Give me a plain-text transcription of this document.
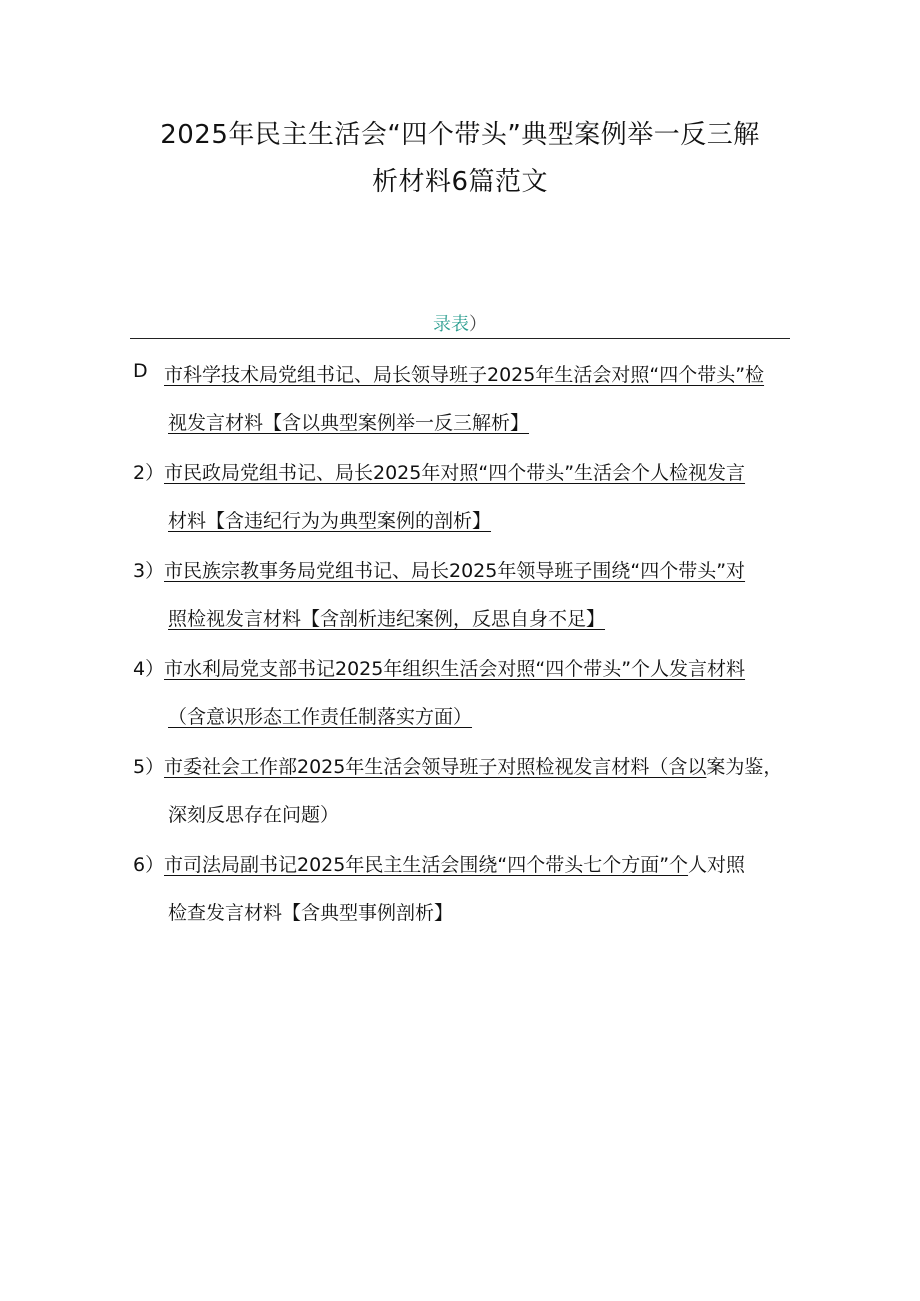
2025年民主生活会“四个带头”典型案例举一反三解
析材料6篇范文
录表）
D 市科学技术局党组书记、局长领导班子2025年生活会对照“四个带头”检
视发言材料【含以典型案例举一反三解析】
2） 市民政局党组书记、局长2025年对照“四个带头”生活会个人检视发言
材料【含违纪行为为典型案例的剖析】
3） 市民族宗教事务局党组书记、局长2025年领导班子围绕“四个带头”对
照检视发言材料【含剖析违纪案例，反思自身不足】
4） 市水利局党支部书记2025年组织生活会对照“四个带头”个人发言材料
（含意识形态工作责任制落实方面）
5） 市委社会工作部2025年生活会领导班子对照检视发言材料（含以案为鉴，
深刻反思存在问题）
6） 市司法局副书记2025年民主生活会围绕“四个带头七个方面”个人对照
检查发言材料【含典型事例剖析】
